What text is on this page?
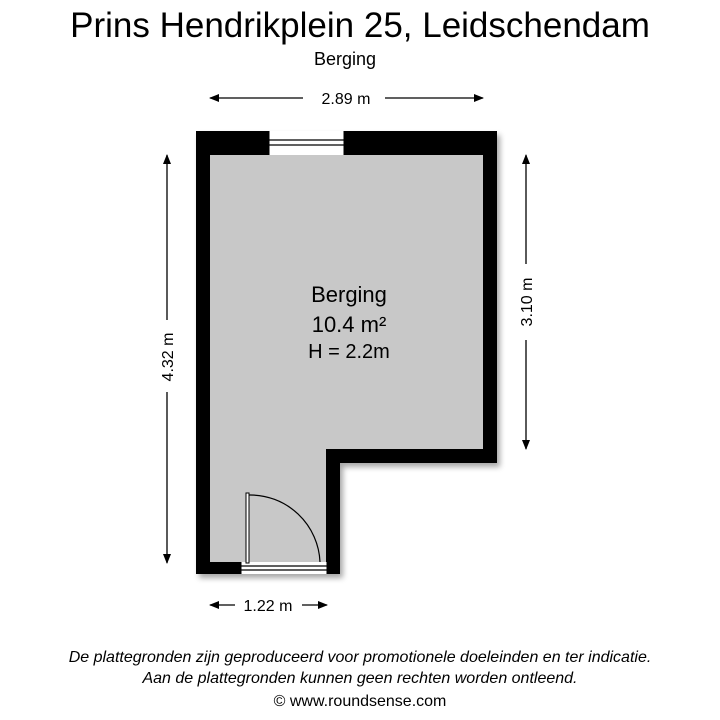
Prins Hendrikplein 25, Leidschendam
Berging
Berging
10.4 m²
H = 2.2m
2.89 m
4.32 m
3.10 m
1.22 m
De plattegronden zijn geproduceerd voor promotionele doeleinden en ter indicatie.
Aan de plattegronden kunnen geen rechten worden ontleend.
© www.roundsense.com
